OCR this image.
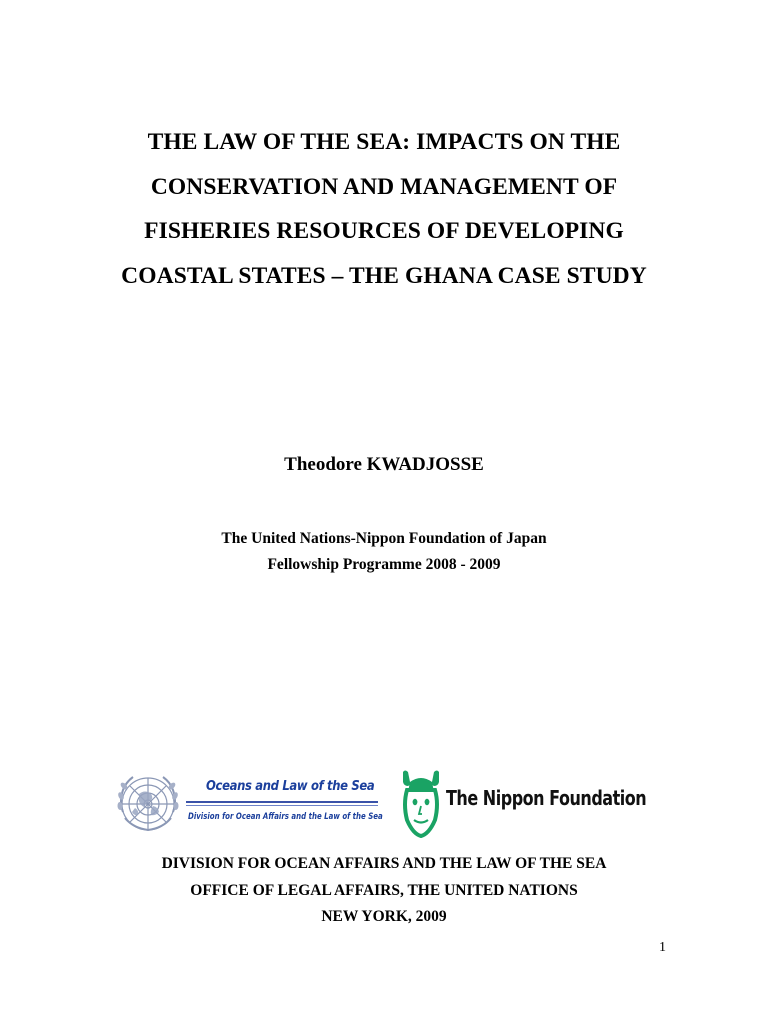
THE LAW OF THE SEA: IMPACTS ON THE
CONSERVATION AND MANAGEMENT OF
FISHERIES RESOURCES OF DEVELOPING
COASTAL STATES – THE GHANA CASE STUDY
Theodore KWADJOSSE
The United Nations-Nippon Foundation of Japan
Fellowship Programme 2008 - 2009
Oceans and Law of the Sea
Division for Ocean Affairs and the Law of the Sea
The Nippon Foundation
DIVISION FOR OCEAN AFFAIRS AND THE LAW OF THE SEA
OFFICE OF LEGAL AFFAIRS, THE UNITED NATIONS
NEW YORK, 2009
1
